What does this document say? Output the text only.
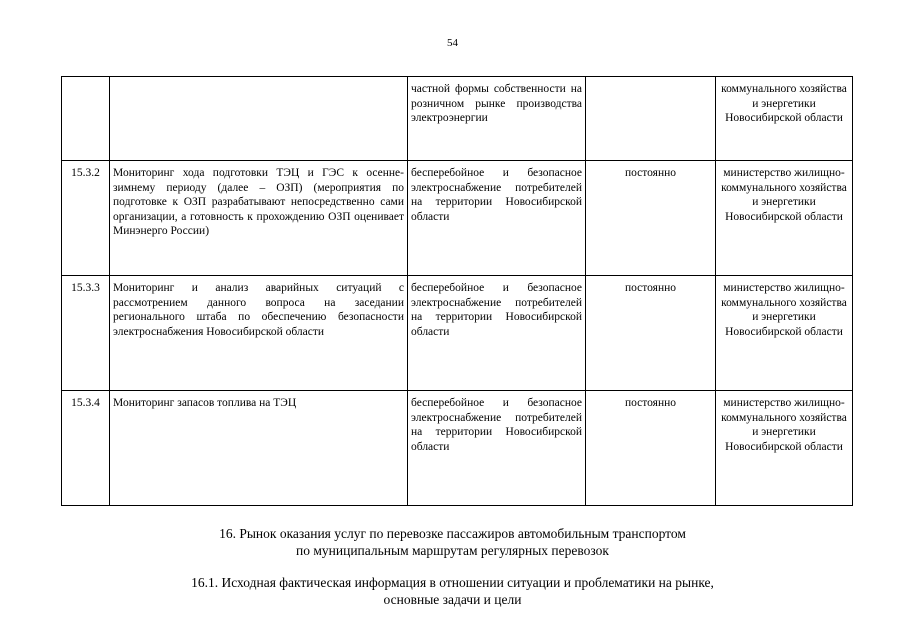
54
		частной формы собственности на розничном рынке производства электроэнергии		коммунального хозяйства и энергетики Новосибирской области
15.3.2	Мониторинг хода подготовки ТЭЦ и ГЭС к осенне-зимнему периоду (далее – ОЗП) (мероприятия по подготовке к ОЗП разрабатывают непосредственно сами организации, а готовность к прохождению ОЗП оценивает Минэнерго России)	бесперебойное и безопасное электроснабжение потребителей на территории Новосибирской области	постоянно	министерство жилищно-коммунального хозяйства и энергетики Новосибирской области
15.3.3	Мониторинг и анализ аварийных ситуаций с рассмотрением данного вопроса на заседании регионального штаба по обеспечению безопасности электроснабжения Новосибирской области	бесперебойное и безопасное электроснабжение потребителей на территории Новосибирской области	постоянно	министерство жилищно-коммунального хозяйства и энергетики Новосибирской области
15.3.4	Мониторинг запасов топлива на ТЭЦ	бесперебойное и безопасное электроснабжение потребителей на территории Новосибирской области	постоянно	министерство жилищно-коммунального хозяйства и энергетики Новосибирской области
16. Рынок оказания услуг по перевозке пассажиров автомобильным транспортом
по муниципальным маршрутам регулярных перевозок
16.1. Исходная фактическая информация в отношении ситуации и проблематики на рынке,
основные задачи и цели
